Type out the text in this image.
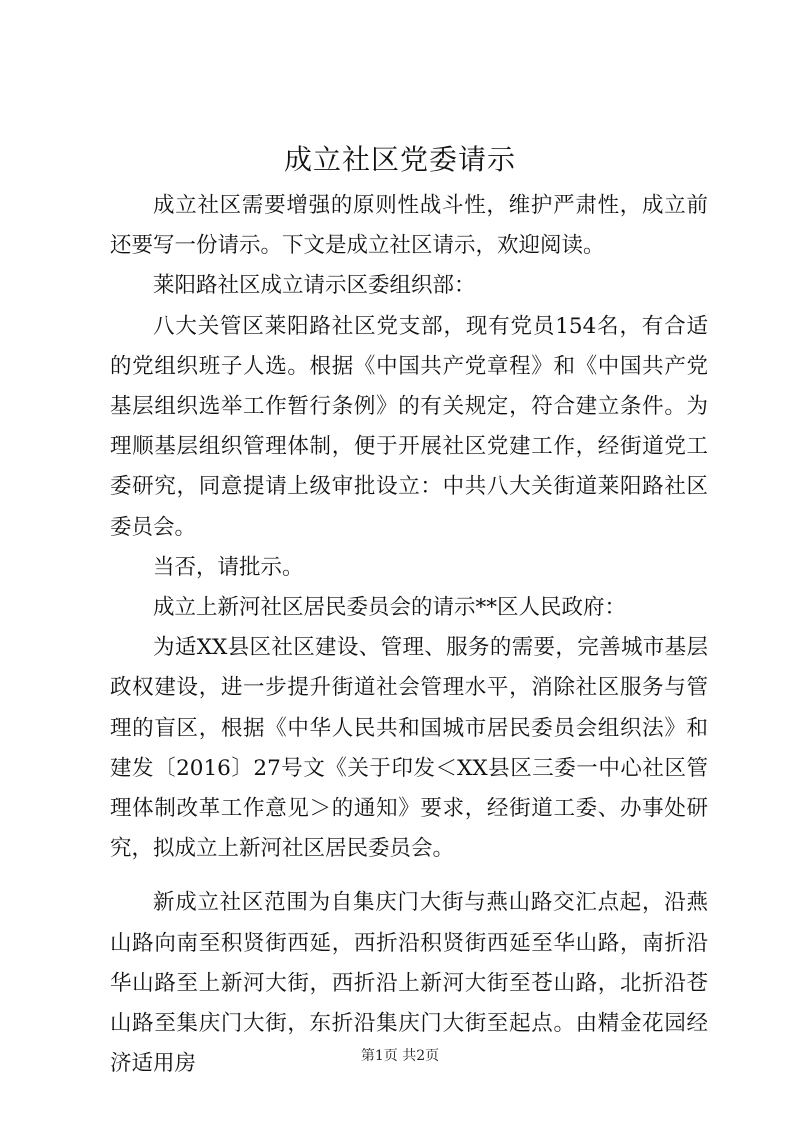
成立社区党委请示

成立社区需要增强的原则性战斗性，维护严肃性，成立前还要写一份请示。下文是成立社区请示，欢迎阅读。

莱阳路社区成立请示区委组织部：

八大关管区莱阳路社区党支部，现有党员154名，有合适的党组织班子人选。根据《中国共产党章程》和《中国共产党基层组织选举工作暂行条例》的有关规定，符合建立条件。为理顺基层组织管理体制，便于开展社区党建工作，经街道党工委研究，同意提请上级审批设立：中共八大关街道莱阳路社区委员会。

当否，请批示。

成立上新河社区居民委员会的请示**区人民政府：

为适XX县区社区建设、管理、服务的需要，完善城市基层政权建设，进一步提升街道社会管理水平，消除社区服务与管理的盲区，根据《中华人民共和国城市居民委员会组织法》和建发〔2016〕27号文《关于印发＜XX县区三委一中心社区管理体制改革工作意见＞的通知》要求，经街道工委、办事处研究，拟成立上新河社区居民委员会。

新成立社区范围为自集庆门大街与燕山路交汇点起，沿燕山路向南至积贤街西延，西折沿积贤街西延至华山路，南折沿华山路至上新河大街，西折沿上新河大街至苍山路，北折沿苍山路至集庆门大街，东折沿集庆门大街至起点。由精金花园经济适用房	第1页 共2页
